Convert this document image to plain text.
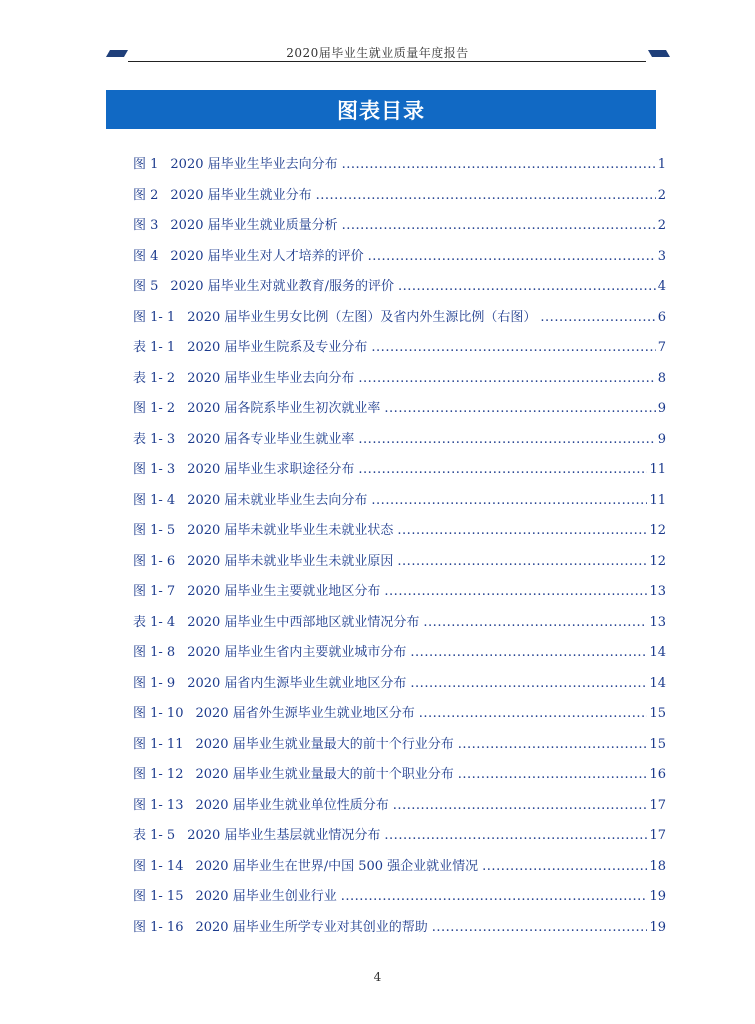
2020届毕业生就业质量年度报告
图表目录
图 1 2020 届毕业生毕业去向分布 .....	1
图 2 2020 届毕业生就业分布 .....	2
图 3 2020 届毕业生就业质量分析 .....	2
图 4 2020 届毕业生对人才培养的评价 .....	3
图 5 2020 届毕业生对就业教育/服务的评价 .....	4
图 1- 1 2020 届毕业生男女比例（左图）及省内外生源比例（右图） .....	6
表 1- 1 2020 届毕业生院系及专业分布 .....	7
表 1- 2 2020 届毕业生毕业去向分布 .....	8
图 1- 2 2020 届各院系毕业生初次就业率 .....	9
表 1- 3 2020 届各专业毕业生就业率 .....	9
图 1- 3 2020 届毕业生求职途径分布 .....	11
图 1- 4 2020 届未就业毕业生去向分布 .....	11
图 1- 5 2020 届毕未就业毕业生未就业状态 .....	12
图 1- 6 2020 届毕未就业毕业生未就业原因 .....	12
图 1- 7 2020 届毕业生主要就业地区分布 .....	13
表 1- 4 2020 届毕业生中西部地区就业情况分布 .....	13
图 1- 8 2020 届毕业生省内主要就业城市分布 .....	14
图 1- 9 2020 届省内生源毕业生就业地区分布 .....	14
图 1- 10 2020 届省外生源毕业生就业地区分布 .....	15
图 1- 11 2020 届毕业生就业量最大的前十个行业分布 .....	15
图 1- 12 2020 届毕业生就业量最大的前十个职业分布 .....	16
图 1- 13 2020 届毕业生就业单位性质分布 .....	17
表 1- 5 2020 届毕业生基层就业情况分布 .....	17
图 1- 14 2020 届毕业生在世界/中国 500 强企业就业情况 .....	18
图 1- 15 2020 届毕业生创业行业 .....	19
图 1- 16 2020 届毕业生所学专业对其创业的帮助 .....	19
4
